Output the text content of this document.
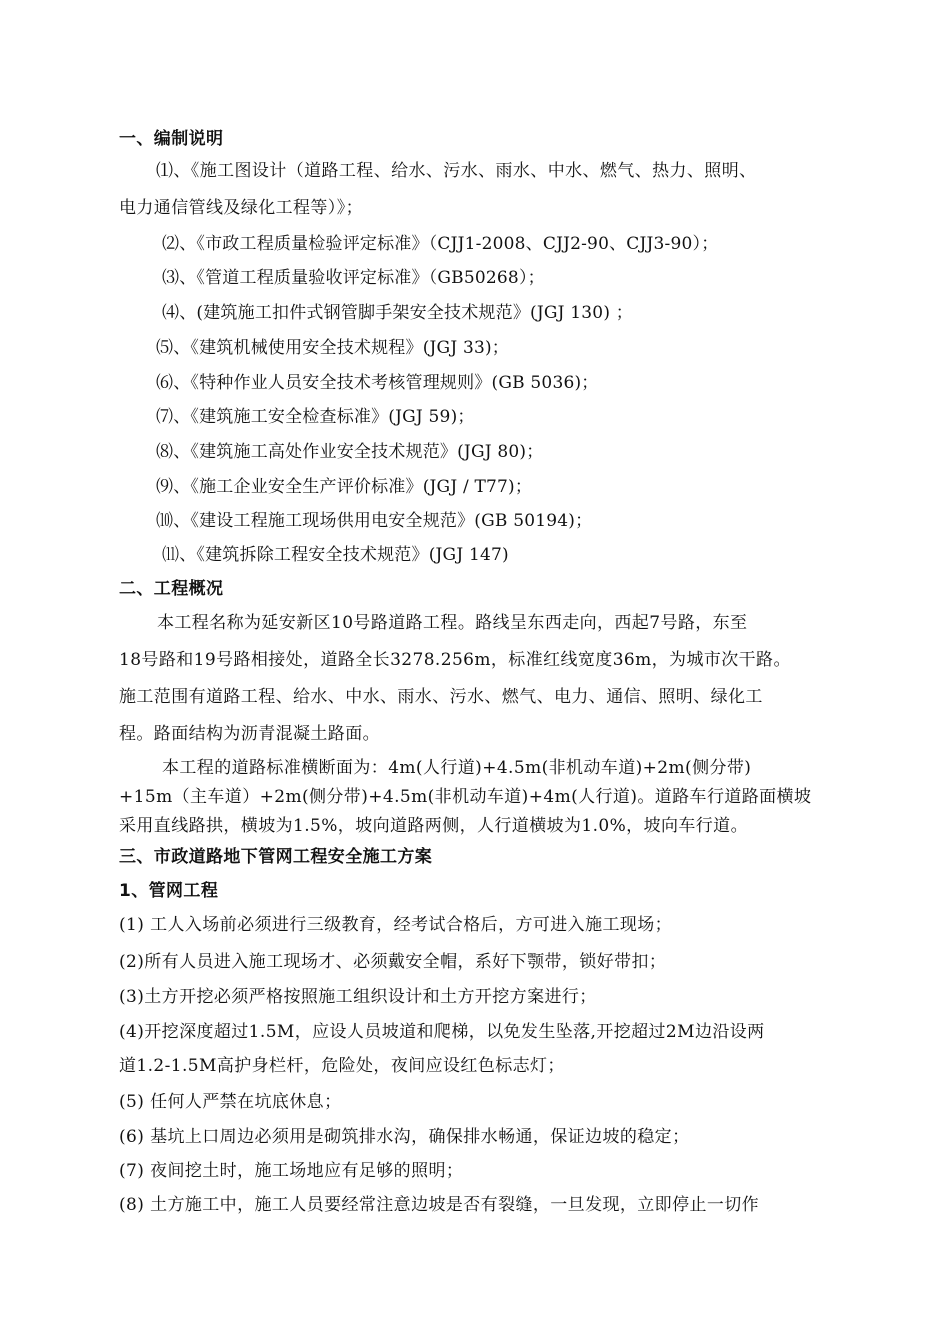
一、编制说明
⑴、《施工图设计（道路工程、给水、污水、雨水、中水、燃气、热力、照明、
电力通信管线及绿化工程等）》；
⑵、《市政工程质量检验评定标准》（CJJ1-2008、CJJ2-90、CJJ3-90）；
⑶、《管道工程质量验收评定标准》（GB50268）；
⑷、(建筑施工扣件式钢管脚手架安全技术规范》(JGJ 130) ；
⑸、《建筑机械使用安全技术规程》(JGJ 33)；
⑹、《特种作业人员安全技术考核管理规则》(GB 5036)；
⑺、《建筑施工安全检查标准》(JGJ 59)；
⑻、《建筑施工高处作业安全技术规范》(JGJ 80)；
⑼、《施工企业安全生产评价标准》(JGJ / T77)；
⑽、《建设工程施工现场供用电安全规范》(GB 50194)；
⑾、《建筑拆除工程安全技术规范》(JGJ 147)
二、工程概况
本工程名称为延安新区10号路道路工程。路线呈东西走向，西起7号路，东至
18号路和19号路相接处，道路全长3278.256m，标准红线宽度36m，为城市次干路。
施工范围有道路工程、给水、中水、雨水、污水、燃气、电力、通信、照明、绿化工
程。路面结构为沥青混凝土路面。
本工程的道路标准横断面为：4m(人行道)+4.5m(非机动车道)+2m(侧分带)
+15m（主车道）+2m(侧分带)+4.5m(非机动车道)+4m(人行道)。道路车行道路面横坡
采用直线路拱，横坡为1.5%，坡向道路两侧，人行道横坡为1.0%，坡向车行道。
三、市政道路地下管网工程安全施工方案
1、管网工程
(1) 工人入场前必须进行三级教育，经考试合格后，方可进入施工现场；
(2)所有人员进入施工现场才、必须戴安全帽，系好下颚带，锁好带扣；
(3)土方开挖必须严格按照施工组织设计和土方开挖方案进行；
(4)开挖深度超过1.5M，应设人员坡道和爬梯，以免发生坠落,开挖超过2M边沿设两
道1.2-1.5M高护身栏杆，危险处，夜间应设红色标志灯；
(5) 任何人严禁在坑底休息；
(6) 基坑上口周边必须用是砌筑排水沟，确保排水畅通，保证边坡的稳定；
(7) 夜间挖土时，施工场地应有足够的照明；
(8) 土方施工中，施工人员要经常注意边坡是否有裂缝，一旦发现，立即停止一切作
